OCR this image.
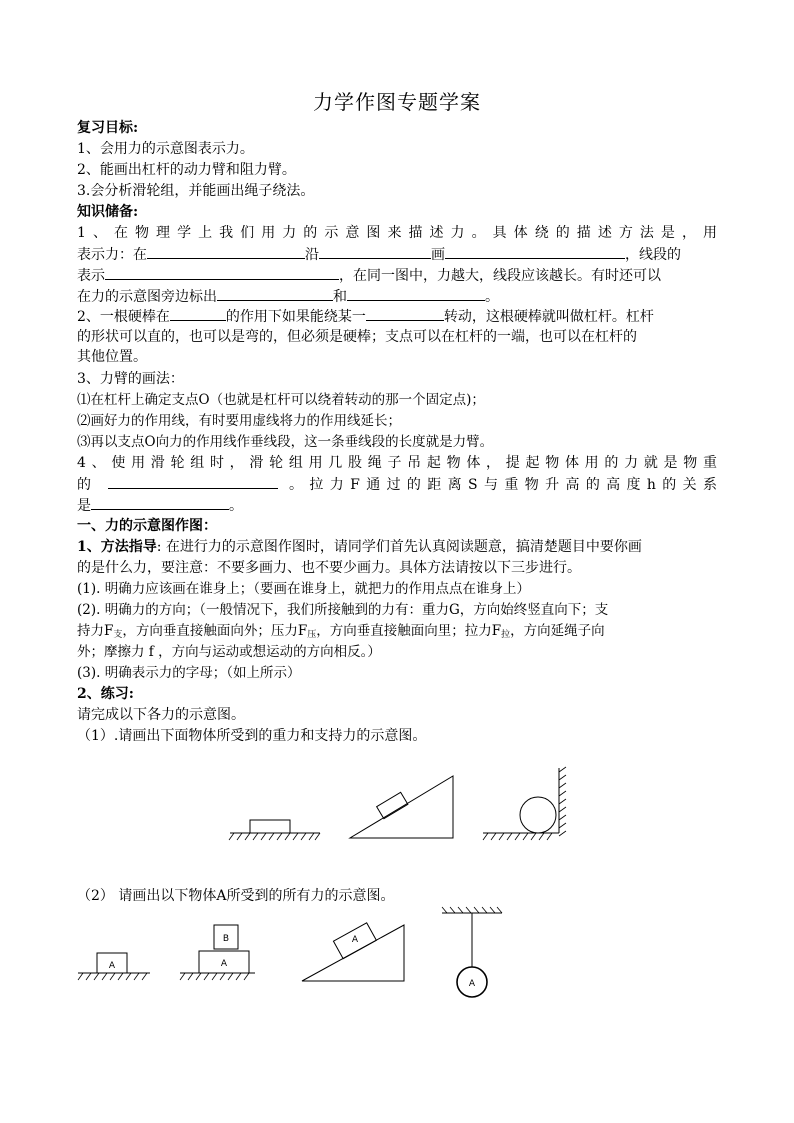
力学作图专题学案
复习目标:
1、会用力的示意图表示力。
2、能画出杠杆的动力臂和阻力臂。
3.会分析滑轮组，并能画出绳子绕法。
知识储备:
1、在物理学上我们用力的示意图来描述力。具体绕的描述方法是，用
表示力：在	沿	画	，线段的
表示	，在同一图中，力越大，线段应该越长。有时还可以
在力的示意图旁边标出	和	。
2、一根硬棒在	的作用下如果能绕某一	转动，这根硬棒就叫做杠杆。杠杆
的形状可以直的，也可以是弯的，但必须是硬棒；支点可以在杠杆的一端，也可以在杠杆的
其他位置。
3、力臂的画法：
⑴在杠杆上确定支点O（也就是杠杆可以绕着转动的那一个固定点)；
⑵画好力的作用线，有时要用虚线将力的作用线延长；
⑶再以支点O向力的作用线作垂线段，这一条垂线段的长度就是力臂。
4、使用滑轮组时，滑轮组用几股绳子吊起物体，提起物体用的力就是物重
的	。拉力F通过的距离S与重物升高的高度h的关系
是	。
一、力的示意图作图：
1、方法指导: 在进行力的示意图作图时，请同学们首先认真阅读题意，搞清楚题目中要你画
的是什么力，要注意：不要多画力、也不要少画力。具体方法请按以下三步进行。
(1). 明确力应该画在谁身上；（要画在谁身上，就把力的作用点点在谁身上）
(2). 明确力的方向；（一般情况下，我们所接触到的力有：重力G，方向始终竖直向下；支
持力$F_支$，方向垂直接触面向外；压力$F_压$，方向垂直接触面向里；拉力$F_拉$，方向延绳子向
外；摩擦力 f ，方向与运动或想运动的方向相反。）
(3). 明确表示力的字母；（如上所示）
2、练习:
请完成以下各力的示意图。
（1）.请画出下面物体所受到的重力和支持力的示意图。
（2） 请画出以下物体A所受到的所有力的示意图。
A	A
B	A
A
